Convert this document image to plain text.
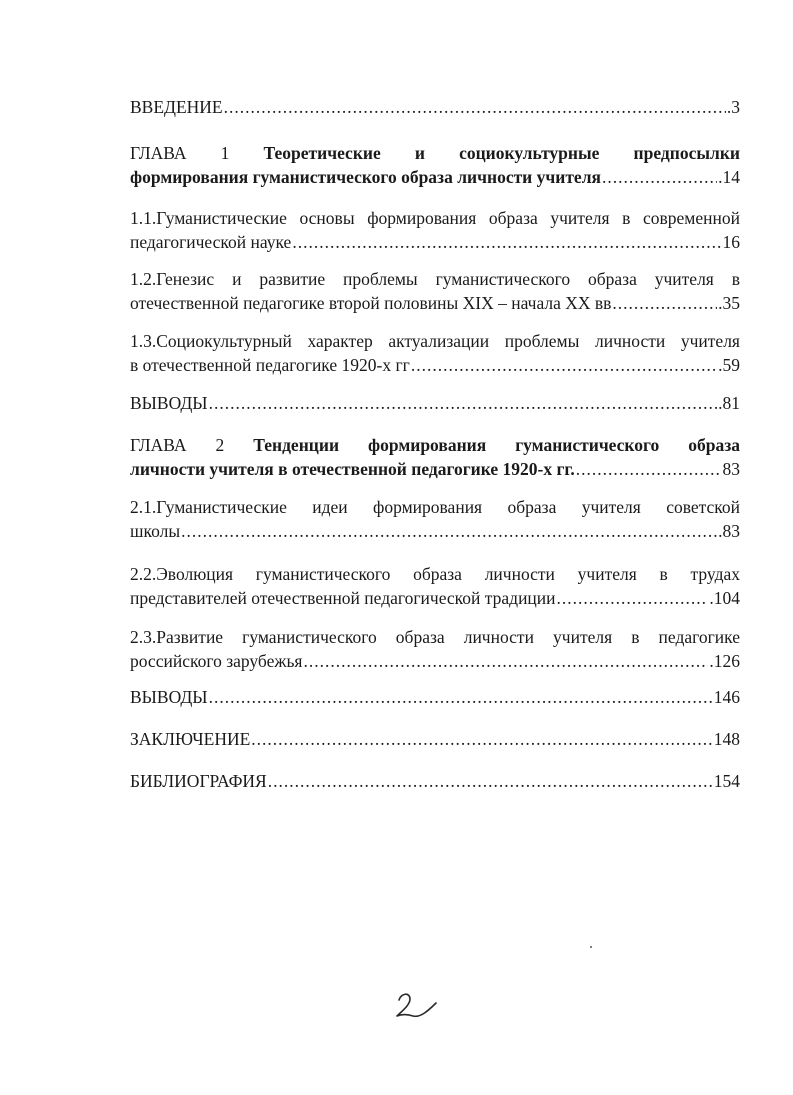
ВВЕДЕНИЕ .....	.3
ГЛАВА 1 Теоретические и социокультурные предпосылки
формирования гуманистического образа личности учителя .....	.14
1.1.Гуманистические основы формирования образа учителя в современной
педагогической науке .....	16
1.2.Генезис и развитие проблемы гуманистического образа учителя в
отечественной педагогике второй половины XIX – начала XX вв .....	.35
1.3.Социокультурный характер актуализации проблемы личности учителя
в отечественной педагогике 1920-х гг .....	.59
ВЫВОДЫ .....	.81
ГЛАВА 2 Тенденции формирования гуманистического образа
личности учителя в отечественной педагогике 1920-х гг. .....	83
2.1.Гуманистические идеи формирования образа учителя советской
школы .....	.83
2.2.Эволюция гуманистического образа личности учителя в трудах
представителей отечественной педагогической традиции .....	.104
2.3.Развитие гуманистического образа личности учителя в педагогике
российского зарубежья .....	.126
ВЫВОДЫ .....	146
ЗАКЛЮЧЕНИЕ .....	148
БИБЛИОГРАФИЯ .....	154
